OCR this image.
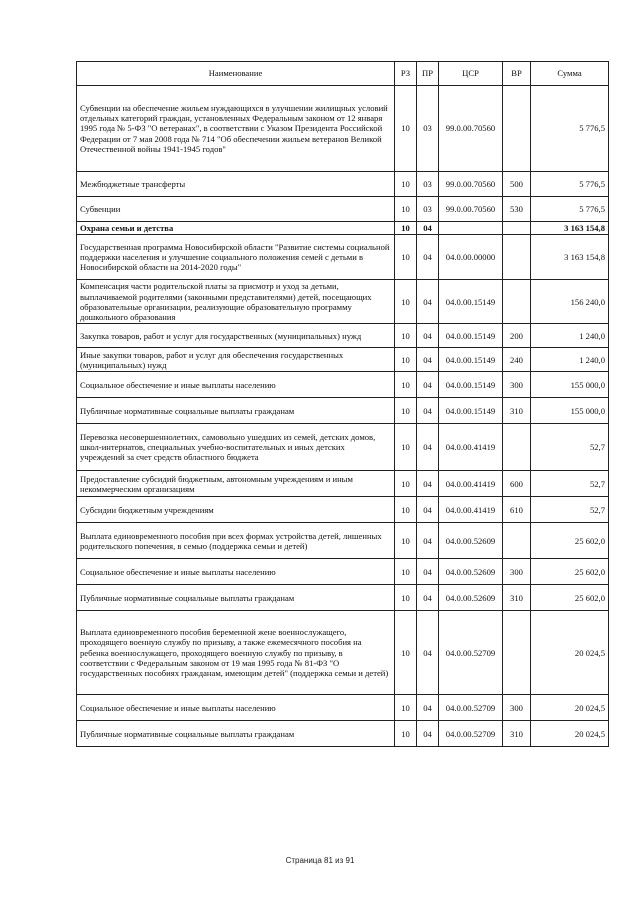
Наименование	РЗ	ПР	ЦСР	ВР	Сумма
Субвенции на обеспечение жильем нуждающихся в улучшении жилищных условий отдельных категорий граждан, установленных Федеральным законом от 12 января 1995 года № 5-ФЗ "О ветеранах", в соответствии с Указом Президента Российской Федерации от 7 мая 2008 года № 714 "Об обеспечении жильем ветеранов Великой Отечественной войны 1941-1945 годов"	10	03	99.0.00.70560		5 776,5
Межбюджетные трансферты	10	03	99.0.00.70560	500	5 776,5
Субвенции	10	03	99.0.00.70560	530	5 776,5
Охрана семьи и детства	10	04			3 163 154,8
Государственная программа Новосибирской области "Развитие системы социальной поддержки населения и улучшение социального положения семей с детьми в Новосибирской области на 2014-2020 годы"	10	04	04.0.00.00000		3 163 154,8
Компенсация части родительской платы за присмотр и уход за детьми, выплачиваемой родителями (законными представителями) детей, посещающих образовательные организации, реализующие образовательную программу дошкольного образования	10	04	04.0.00.15149		156 240,0
Закупка товаров, работ и услуг для государственных (муниципальных) нужд	10	04	04.0.00.15149	200	1 240,0
Иные закупки товаров, работ и услуг для обеспечения государственных (муниципальных) нужд	10	04	04.0.00.15149	240	1 240,0
Социальное обеспечение и иные выплаты населению	10	04	04.0.00.15149	300	155 000,0
Публичные нормативные социальные выплаты гражданам	10	04	04.0.00.15149	310	155 000,0
Перевозка несовершеннолетних, самовольно ушедших из семей, детских домов, школ-интернатов, специальных учебно-воспитательных и иных детских учреждений за счет средств областного бюджета	10	04	04.0.00.41419		52,7
Предоставление субсидий бюджетным, автономным учреждениям и иным некоммерческим организациям	10	04	04.0.00.41419	600	52,7
Субсидии бюджетным учреждениям	10	04	04.0.00.41419	610	52,7
Выплата единовременного пособия при всех формах устройства детей, лишенных родительского попечения, в семью (поддержка семьи и детей)	10	04	04.0.00.52609		25 602,0
Социальное обеспечение и иные выплаты населению	10	04	04.0.00.52609	300	25 602,0
Публичные нормативные социальные выплаты гражданам	10	04	04.0.00.52609	310	25 602,0
Выплата единовременного пособия беременной жене военнослужащего, проходящего военную службу по призыву, а также ежемесячного пособия на ребенка военнослужащего, проходящего военную службу по призыву, в соответствии с Федеральным законом от 19 мая 1995 года № 81-ФЗ "О государственных пособиях гражданам, имеющим детей" (поддержка семьи и детей)	10	04	04.0.00.52709		20 024,5
Социальное обеспечение и иные выплаты населению	10	04	04.0.00.52709	300	20 024,5
Публичные нормативные социальные выплаты гражданам	10	04	04.0.00.52709	310	20 024,5
Страница 81 из 91
